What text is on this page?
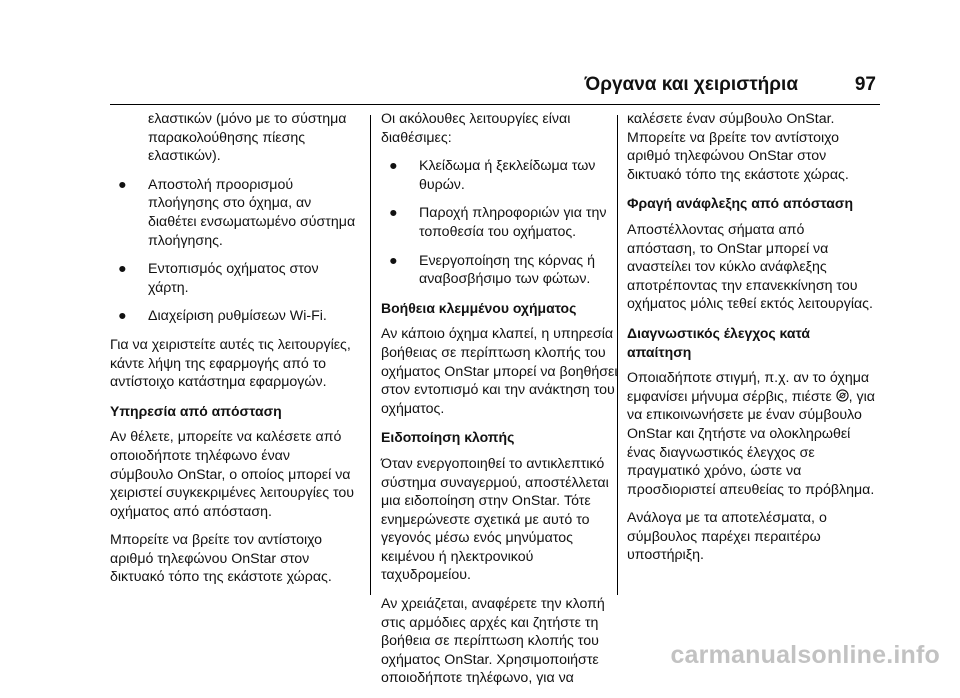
Όργανα και χειριστήρια	97

ελαστικών (μόνο με το σύστημα παρακολούθησης πίεσης ελαστικών).

● Αποστολή προορισμού πλοήγησης στο όχημα, αν διαθέτει ενσωματωμένο σύστημα πλοήγησης.
● Εντοπισμός οχήματος στον χάρτη.
● Διαχείριση ρυθμίσεων Wi-Fi.

Για να χειριστείτε αυτές τις λειτουργίες, κάντε λήψη της εφαρμογής από το αντίστοιχο κατάστημα εφαρμογών.

Υπηρεσία από απόσταση

Αν θέλετε, μπορείτε να καλέσετε από οποιοδήποτε τηλέφωνο έναν σύμβουλο OnStar, ο οποίος μπορεί να χειριστεί συγκεκριμένες λειτουργίες του οχήματος από απόσταση.

Μπορείτε να βρείτε τον αντίστοιχο αριθμό τηλεφώνου OnStar στον δικτυακό τόπο της εκάστοτε χώρας.

Οι ακόλουθες λειτουργίες είναι διαθέσιμες:

● Κλείδωμα ή ξεκλείδωμα των θυρών.
● Παροχή πληροφοριών για την τοποθεσία του οχήματος.
● Ενεργοποίηση της κόρνας ή αναβοσβήσιμο των φώτων.
Βοήθεια κλεμμένου οχήματος

Αν κάποιο όχημα κλαπεί, η υπηρεσία βοήθειας σε περίπτωση κλοπής του οχήματος OnStar μπορεί να βοηθήσει στον εντοπισμό και την ανάκτηση του οχήματος.

Ειδοποίηση κλοπής

Όταν ενεργοποιηθεί το αντικλεπτικό σύστημα συναγερμού, αποστέλλεται μια ειδοποίηση στην OnStar. Τότε ενημερώνεστε σχετικά με αυτό το γεγονός μέσω ενός μηνύματος κειμένου ή ηλεκτρονικού ταχυδρομείου.

Αν χρειάζεται, αναφέρετε την κλοπή στις αρμόδιες αρχές και ζητήστε τη βοήθεια σε περίπτωση κλοπής του οχήματος OnStar. Χρησιμοποιήστε οποιοδήποτε τηλέφωνο, για να

καλέσετε έναν σύμβουλο OnStar. Μπορείτε να βρείτε τον αντίστοιχο αριθμό τηλεφώνου OnStar στον δικτυακό τόπο της εκάστοτε χώρας.

Φραγή ανάφλεξης από απόσταση

Αποστέλλοντας σήματα από απόσταση, το OnStar μπορεί να αναστείλει τον κύκλο ανάφλεξης αποτρέποντας την επανεκκίνηση του οχήματος μόλις τεθεί εκτός λειτουργίας.

Διαγνωστικός έλεγχος κατά απαίτηση

Οποιαδήποτε στιγμή, π.χ. αν το όχημα εμφανίσει μήνυμα σέρβις, πιέστε , για να επικοινωνήσετε με έναν σύμβουλο OnStar και ζητήστε να ολοκληρωθεί ένας διαγνωστικός έλεγχος σε πραγματικό χρόνο, ώστε να προσδιοριστεί απευθείας το πρόβλημα.

Ανάλογα με τα αποτελέσματα, ο σύμβουλος παρέχει περαιτέρω υποστήριξη.

carmanualsonline.info
